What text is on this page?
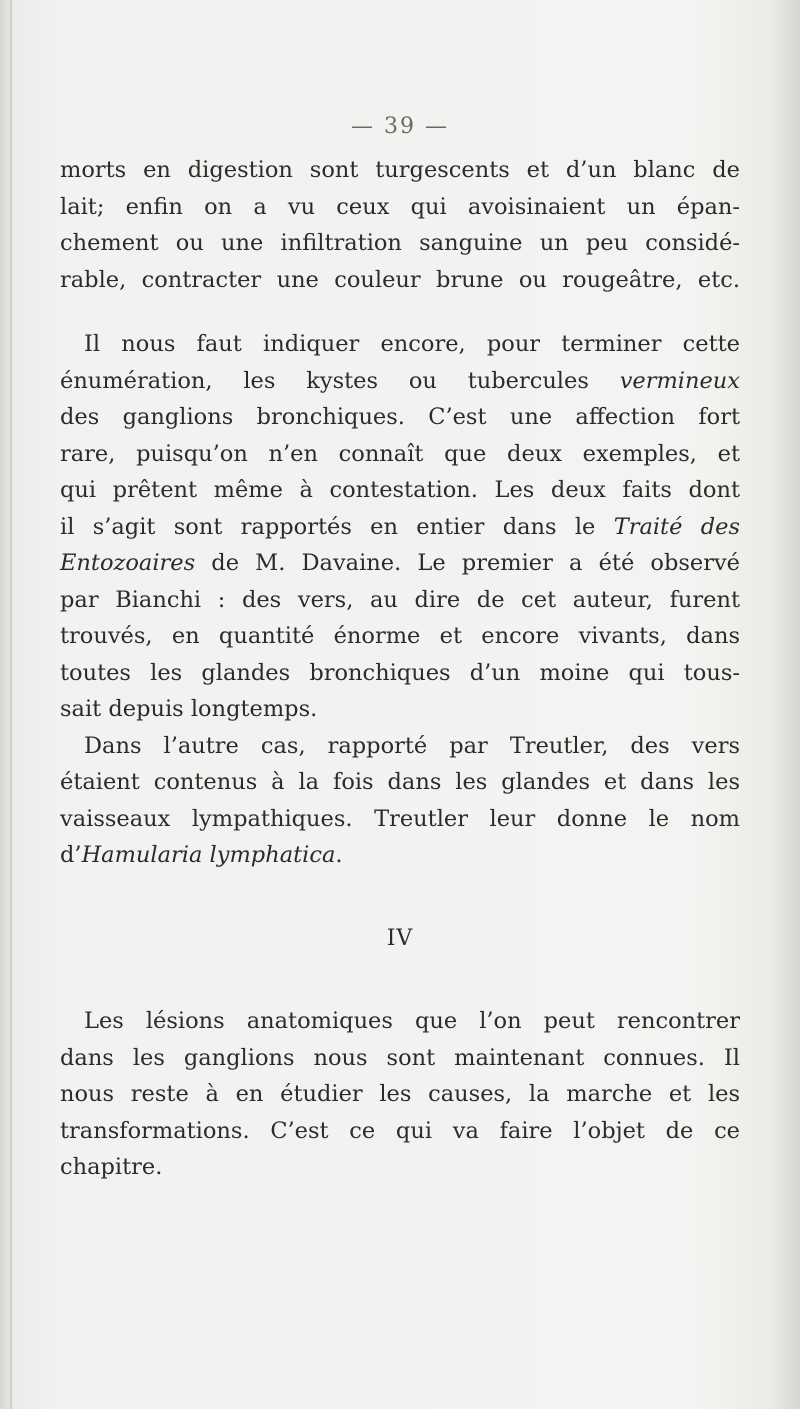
— 39 —
morts en digestion sont turgescents et d’un blanc de
lait; enfin on a vu ceux qui avoisinaient un épan-
chement ou une infiltration sanguine un peu considé-
rable, contracter une couleur brune ou rougeâtre, etc.
Il nous faut indiquer encore, pour terminer cette
énumération, les kystes ou tubercules vermineux
des ganglions bronchiques. C’est une affection fort
rare, puisqu’on n’en connaît que deux exemples, et
qui prêtent même à contestation. Les deux faits dont
il s’agit sont rapportés en entier dans le Traité des
Entozoaires de M. Davaine. Le premier a été observé
par Bianchi : des vers, au dire de cet auteur, furent
trouvés, en quantité énorme et encore vivants, dans
toutes les glandes bronchiques d’un moine qui tous-
sait depuis longtemps.
Dans l’autre cas, rapporté par Treutler, des vers
étaient contenus à la fois dans les glandes et dans les
vaisseaux lympathiques. Treutler leur donne le nom
d’Hamularia lymphatica.
IV
Les lésions anatomiques que l’on peut rencontrer
dans les ganglions nous sont maintenant connues. Il
nous reste à en étudier les causes, la marche et les
transformations. C’est ce qui va faire l’objet de ce
chapitre.
